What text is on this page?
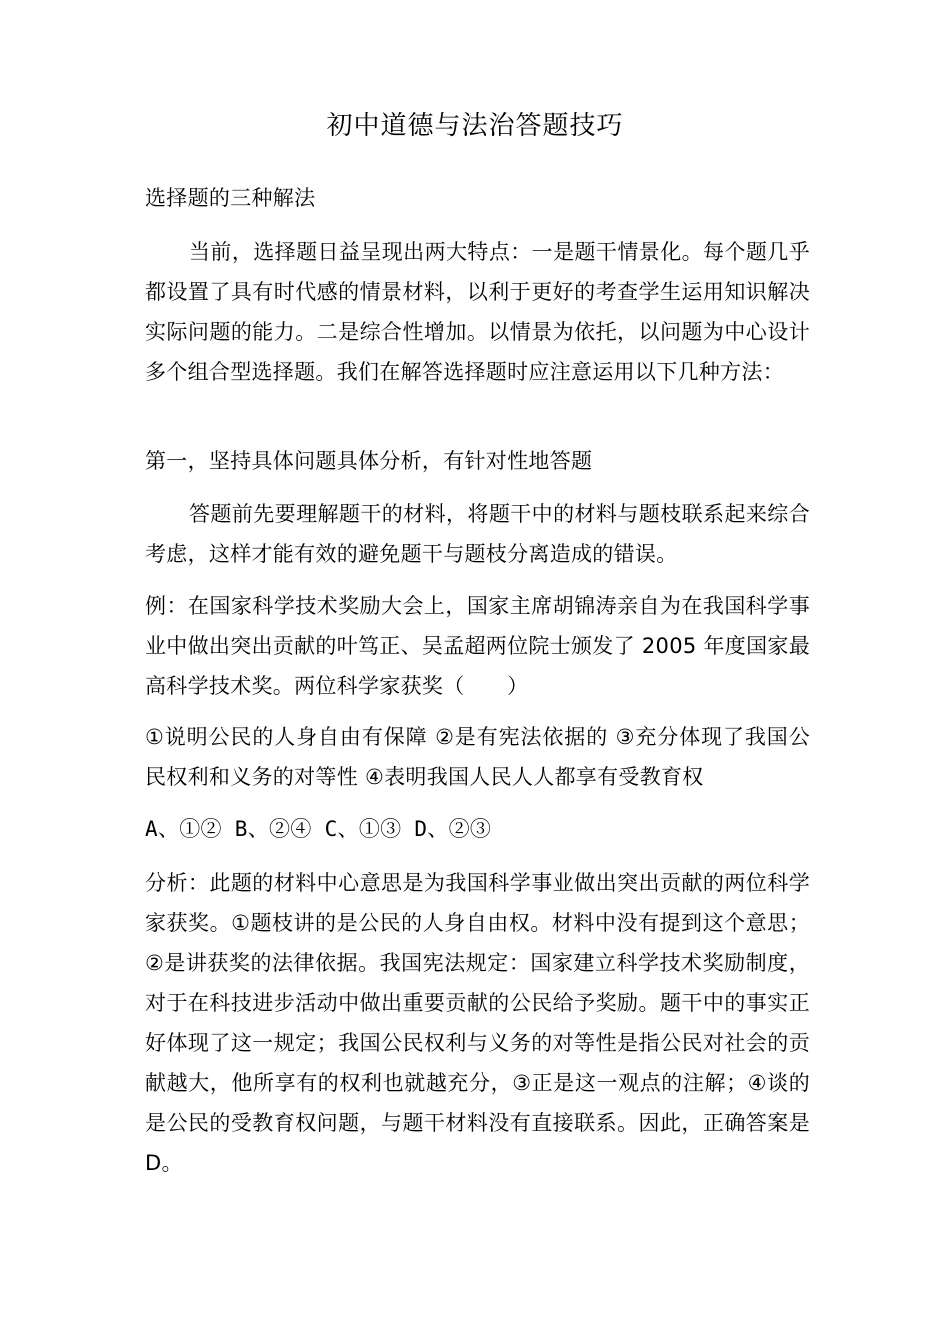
初中道德与法治答题技巧
选择题的三种解法
当前，选择题日益呈现出两大特点：一是题干情景化。每个题几乎都设置了具有时代感的情景材料，以利于更好的考查学生运用知识解决实际问题的能力。二是综合性增加。以情景为依托，以问题为中心设计多个组合型选择题。我们在解答选择题时应注意运用以下几种方法：
第一，坚持具体问题具体分析，有针对性地答题
答题前先要理解题干的材料，将题干中的材料与题枝联系起来综合考虑，这样才能有效的避免题干与题枝分离造成的错误。
例：在国家科学技术奖励大会上，国家主席胡锦涛亲自为在我国科学事业中做出突出贡献的叶笃正、吴孟超两位院士颁发了 2005 年度国家最高科学技术奖。两位科学家获奖（　　）
①说明公民的人身自由有保障 ②是有宪法依据的 ③充分体现了我国公民权利和义务的对等性 ④表明我国人民人人都享有受教育权
A、①② B、②④ C、①③ D、②③
分析：此题的材料中心意思是为我国科学事业做出突出贡献的两位科学家获奖。①题枝讲的是公民的人身自由权。材料中没有提到这个意思；②是讲获奖的法律依据。我国宪法规定：国家建立科学技术奖励制度，对于在科技进步活动中做出重要贡献的公民给予奖励。题干中的事实正好体现了这一规定；我国公民权利与义务的对等性是指公民对社会的贡献越大，他所享有的权利也就越充分，③正是这一观点的注解；④谈的是公民的受教育权问题，与题干材料没有直接联系。因此，正确答案是 D。
